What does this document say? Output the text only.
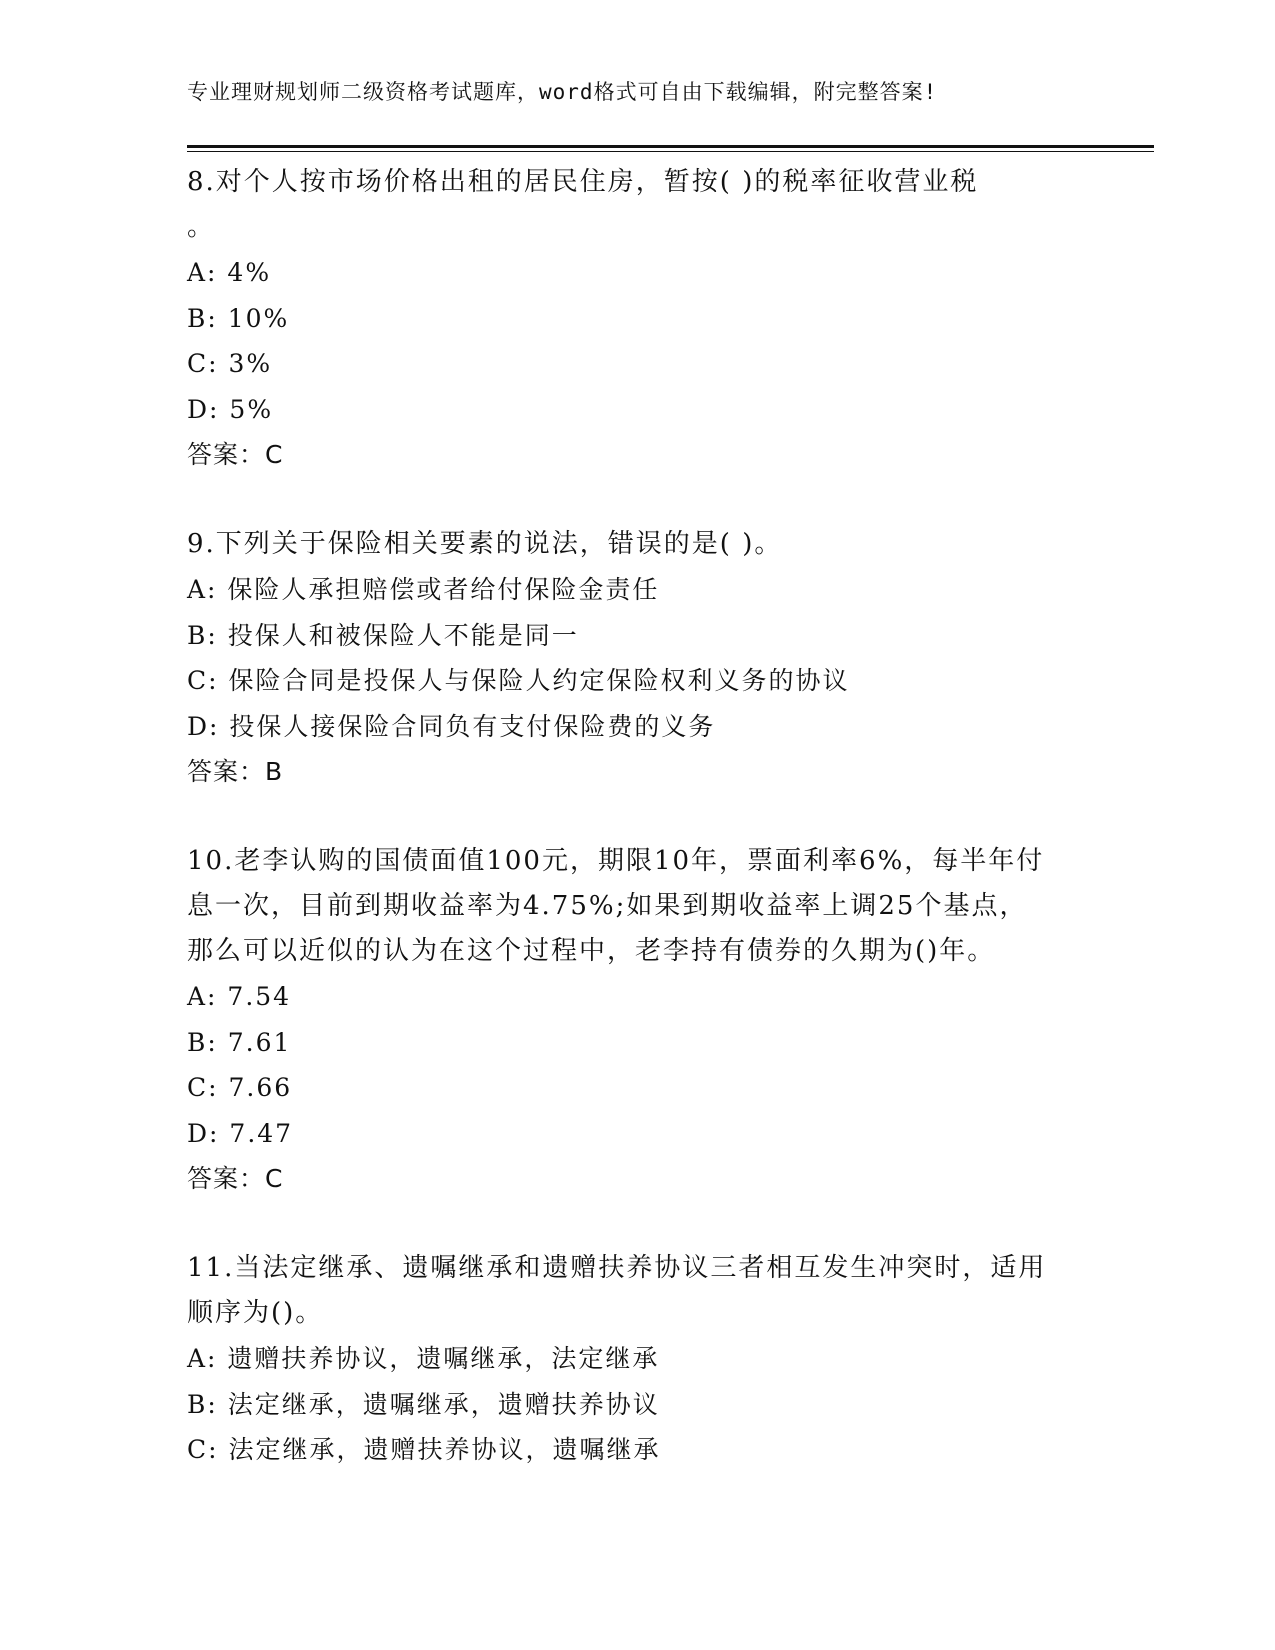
专业理财规划师二级资格考试题库，word格式可自由下载编辑，附完整答案!
8.对个人按市场价格出租的居民住房，暂按( )的税率征收营业税
。
A: 4%
B: 10%
C: 3%
D: 5%
答案：C
9.下列关于保险相关要素的说法，错误的是( )。
A: 保险人承担赔偿或者给付保险金责任
B: 投保人和被保险人不能是同一
C: 保险合同是投保人与保险人约定保险权利义务的协议
D: 投保人接保险合同负有支付保险费的义务
答案：B
10.老李认购的国债面值100元，期限10年，票面利率6%，每半年付
息一次，目前到期收益率为4.75%;如果到期收益率上调25个基点，
那么可以近似的认为在这个过程中，老李持有债券的久期为()年。
A: 7.54
B: 7.61
C: 7.66
D: 7.47
答案：C
11.当法定继承、遗嘱继承和遗赠扶养协议三者相互发生冲突时，适用
顺序为()。
A: 遗赠扶养协议，遗嘱继承，法定继承
B: 法定继承，遗嘱继承，遗赠扶养协议
C: 法定继承，遗赠扶养协议，遗嘱继承
